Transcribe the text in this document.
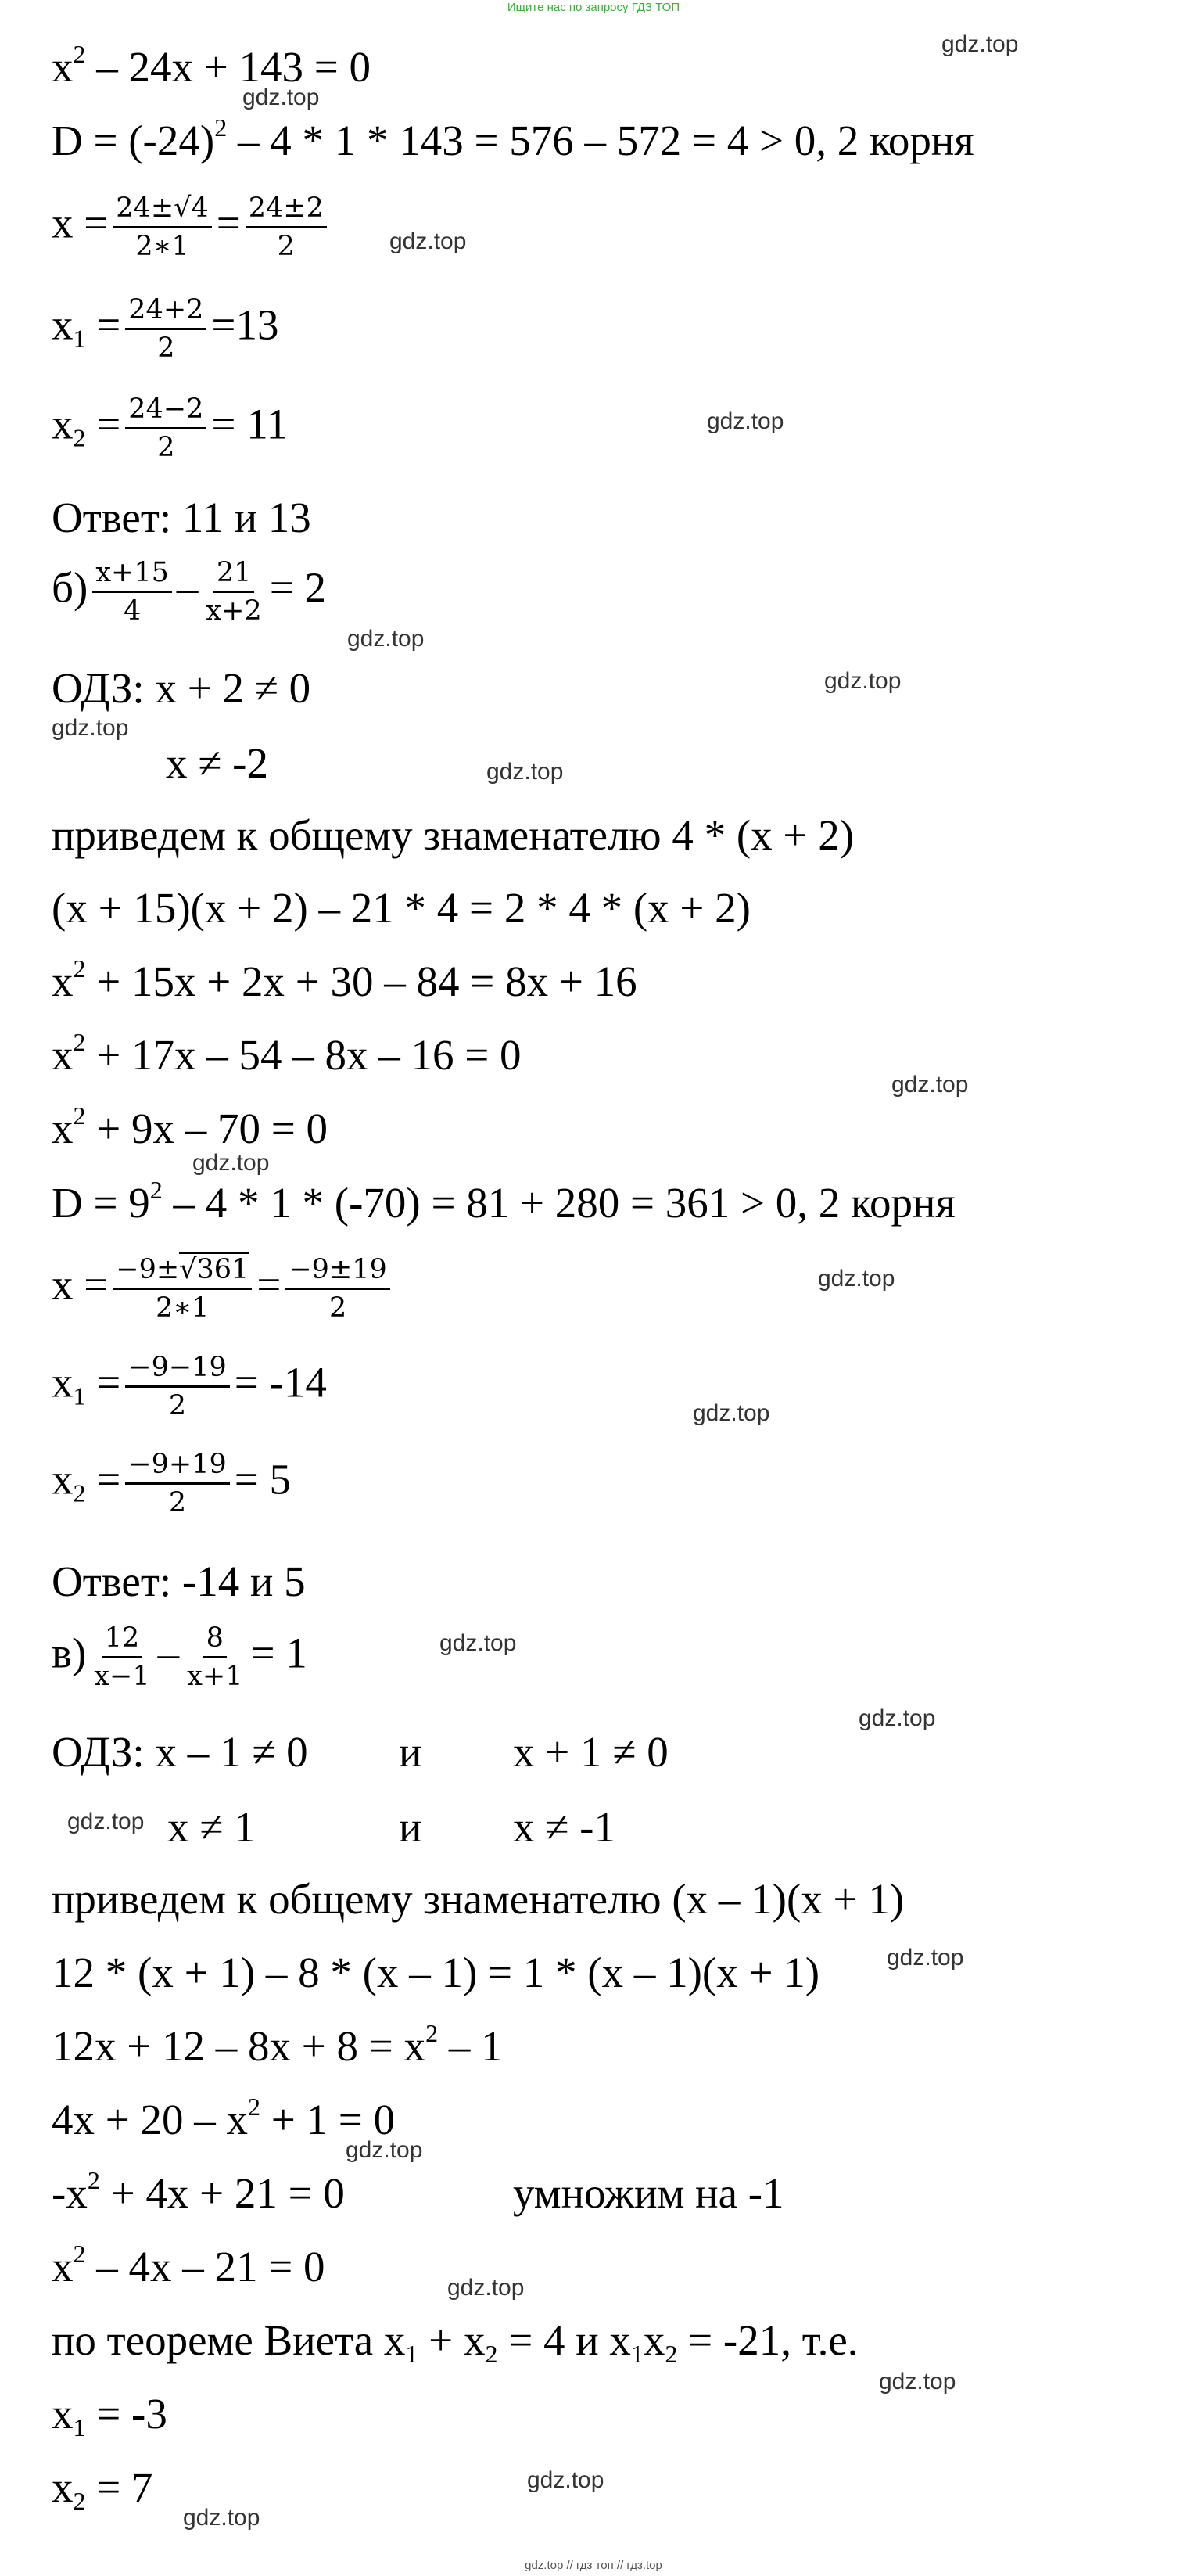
Ищите нас по запросу ГДЗ ТОП
$x^2 - 24x + 143 = 0$
$D = (-24)^2 - 4 * 1 * 143 = 576 - 572 = 4 > 0$, 2 корня
$x = \frac{24\pm√4}{2∗1} = \frac{24\pm 2}{2}$
$x_1 = \frac{24+2}{2} =13$
$x_2 = \frac{24-2}{2} = 11$
Ответ: 11 и 13
$б) \frac{x+15}{4} - \frac{21}{x+2} = 2$
ОДЗ: x + 2 ≠ 0
x ≠ -2
приведем к общему знаменателю 4 * (x + 2)
(x + 15)(x + 2) – 21 * 4 = 2 * 4 * (x + 2)
$x^2 + 15x + 2x + 30 - 84 = 8x + 16$
$x^2 + 17x - 54 - 8x - 16 = 0$
$x^2 + 9x - 70 = 0$
$D = 9^2 - 4 * 1 * (-70) = 81 + 280 = 361 > 0$, 2 корня
$x = \frac{-9\pm√361}{2∗1} = \frac{-9\pm 19}{2}$
$x_1 = \frac{-9-19}{2} = -14$
$x_2 = \frac{-9+19}{2} = 5$
Ответ: -14 и 5
$в) \frac{12}{x-1} - \frac{8}{x+1} = 1$
ОДЗ: x – 1 ≠ 0 и x + 1 ≠ 0
x ≠ 1	и x ≠ -1
приведем к общему знаменателю (x – 1)(x + 1)
12 * (x + 1) – 8 * (x – 1) = 1 * (x – 1)(x + 1)
$12x + 12 - 8x + 8 = x^2 - 1$
$4x + 20 - x^2 + 1 = 0$
$-x^2 + 4x + 21 = 0$	умножим на -1
$x^2 - 4x - 21 = 0$
по теореме Виета $x_1 + x_2 = 4$ и $x_1x_2 = -21$, т.е.
$x_1 = -3$
$x_2 = 7$
gdz.top
gdz.top
gdz.top
gdz.top
gdz.top
gdz.top
gdz.top
gdz.top
gdz.top
gdz.top
gdz.top
gdz.top
gdz.top
gdz.top
gdz.top
gdz.top
gdz.top
gdz.top
gdz.top
gdz.top
gdz.top
gdz.top // гдз топ // гдз.top
